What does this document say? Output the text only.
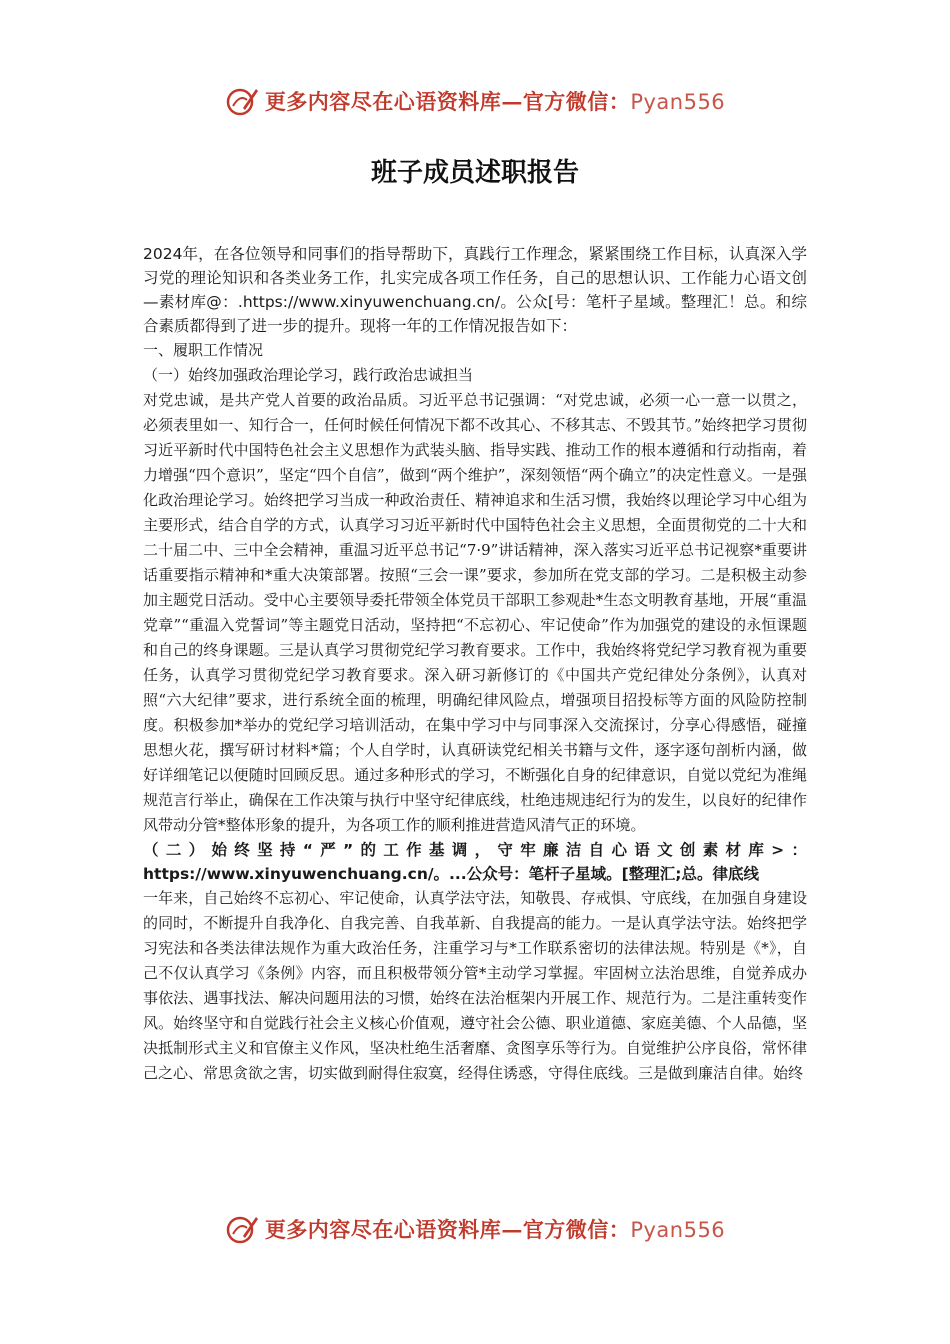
更多内容尽在心语资料库—官方微信：Pyan556
班子成员述职报告

2024年，在各位领导和同事们的指导帮助下，真践行工作理念，紧紧围绕工作目标，认真深入学习党的理论知识和各类业务工作，扎实完成各项工作任务，自己的思想认识、工作能力心语文创—素材库@：.https://www.xinyuwenchuang.cn/。公众[号：笔杆子星域。整理汇！总。和综合素质都得到了进一步的提升。现将一年的工作情况报告如下：

一、履职工作情况

（一）始终加强政治理论学习，践行政治忠诚担当

对党忠诚，是共产党人首要的政治品质。习近平总书记强调：“对党忠诚，必须一心一意一以贯之，必须表里如一、知行合一，任何时候任何情况下都不改其心、不移其志、不毁其节。”始终把学习贯彻习近平新时代中国特色社会主义思想作为武装头脑、指导实践、推动工作的根本遵循和行动指南，着力增强“四个意识”，坚定“四个自信”，做到“两个维护”，深刻领悟“两个确立”的决定性意义。一是强化政治理论学习。始终把学习当成一种政治责任、精神追求和生活习惯，我始终以理论学习中心组为主要形式，结合自学的方式，认真学习习近平新时代中国特色社会主义思想，全面贯彻党的二十大和二十届二中、三中全会精神，重温习近平总书记“7·9”讲话精神，深入落实习近平总书记视察*重要讲话重要指示精神和*重大决策部署。按照“三会一课”要求，参加所在党支部的学习。二是积极主动参加主题党日活动。受中心主要领导委托带领全体党员干部职工参观赴*生态文明教育基地，开展“重温党章”“重温入党誓词”等主题党日活动，坚持把“不忘初心、牢记使命”作为加强党的建设的永恒课题和自己的终身课题。三是认真学习贯彻党纪学习教育要求。工作中，我始终将党纪学习教育视为重要任务，认真学习贯彻党纪学习教育要求。深入研习新修订的《中国共产党纪律处分条例》，认真对照“六大纪律”要求，进行系统全面的梳理，明确纪律风险点，增强项目招投标等方面的风险防控制度。积极参加*举办的党纪学习培训活动，在集中学习中与同事深入交流探讨，分享心得感悟，碰撞思想火花，撰写研讨材料*篇；个人自学时，认真研读党纪相关书籍与文件，逐字逐句剖析内涵，做好详细笔记以便随时回顾反思。通过多种形式的学习，不断强化自身的纪律意识，自觉以党纪为准绳规范言行举止，确保在工作决策与执行中坚守纪律底线，杜绝违规违纪行为的发生，以良好的纪律作风带动分管*整体形象的提升，为各项工作的顺利推进营造风清气正的环境。

（二）始终坚持“严”的工作基调，守牢廉洁自心语文创素材库>：https://www.xinyuwenchuang.cn/。...公众号：笔杆子星域。[整理汇;总。律底线

一年来，自己始终不忘初心、牢记使命，认真学法守法，知敬畏、存戒惧、守底线，在加强自身建设的同时，不断提升自我净化、自我完善、自我革新、自我提高的能力。一是认真学法守法。始终把学习宪法和各类法律法规作为重大政治任务，注重学习与*工作联系密切的法律法规。特别是《*》，自己不仅认真学习《条例》内容，而且积极带领分管*主动学习掌握。牢固树立法治思维，自觉养成办事依法、遇事找法、解决问题用法的习惯，始终在法治框架内开展工作、规范行为。二是注重转变作风。始终坚守和自觉践行社会主义核心价值观，遵守社会公德、职业道德、家庭美德、个人品德，坚决抵制形式主义和官僚主义作风，坚决杜绝生活奢靡、贪图享乐等行为。自觉维护公序良俗，常怀律己之心、常思贪欲之害，切实做到耐得住寂寞，经得住诱惑，守得住底线。三是做到廉洁自律。始终

更多内容尽在心语资料库—官方微信：Pyan556
